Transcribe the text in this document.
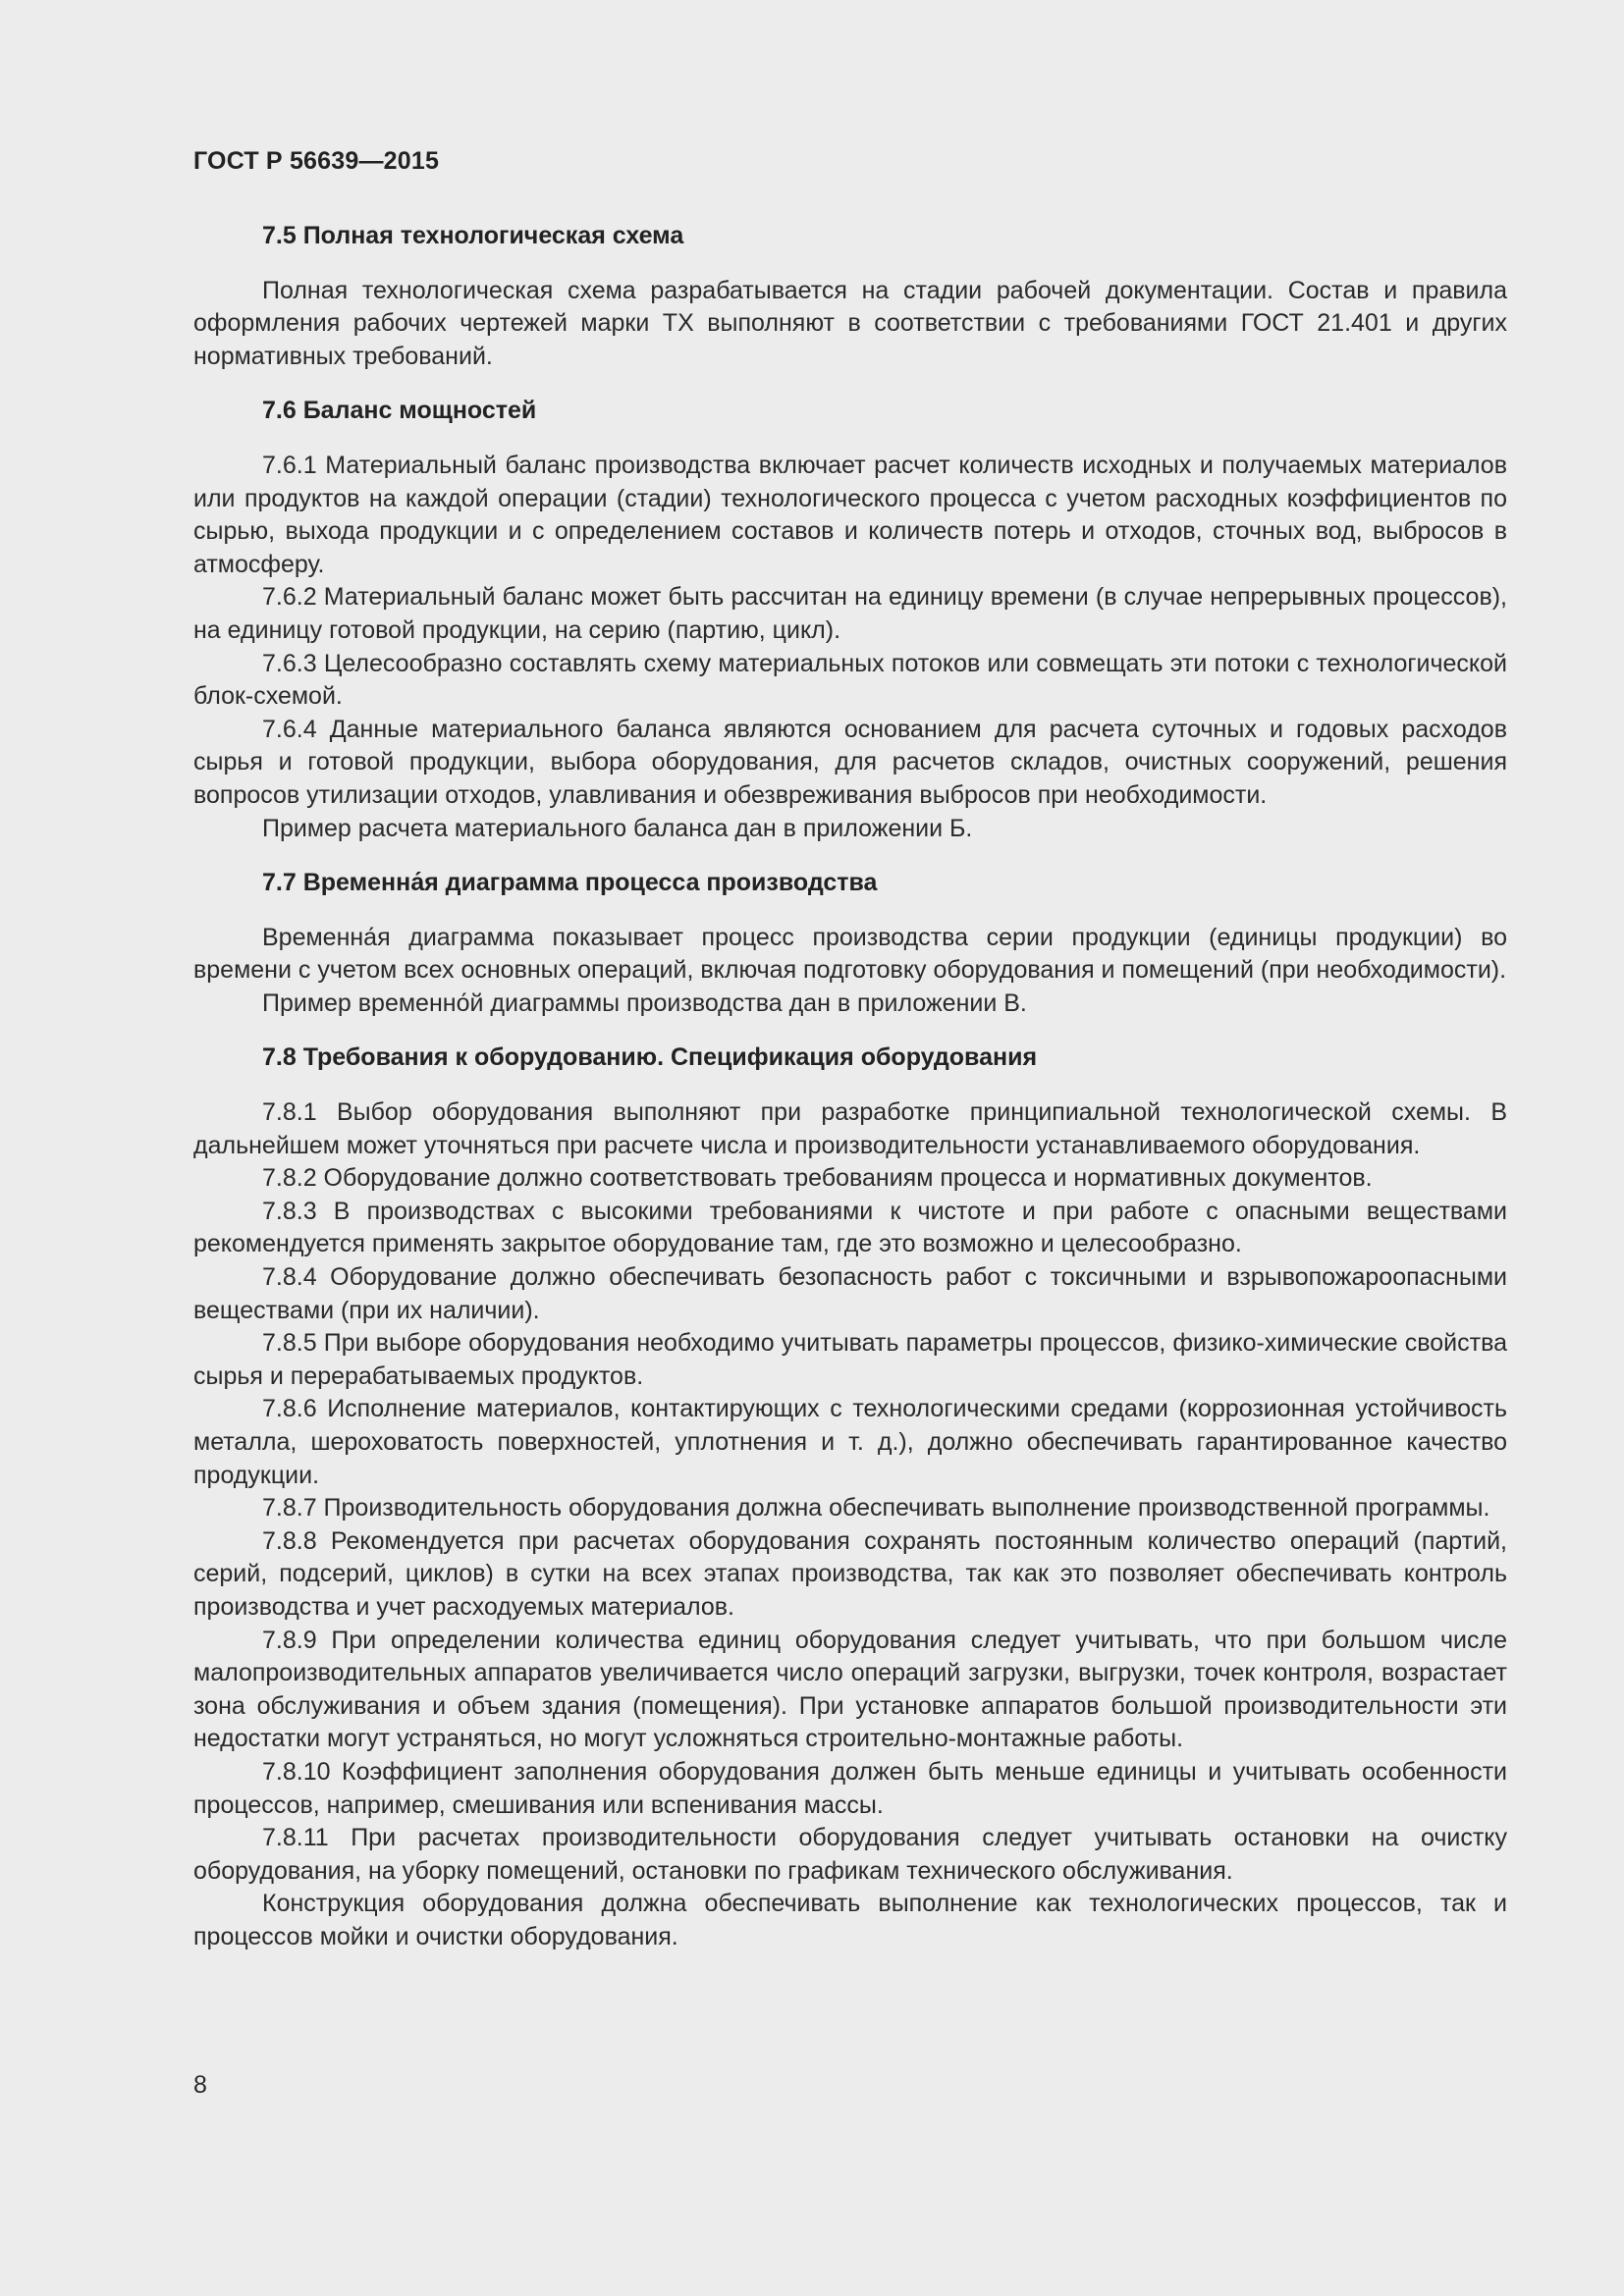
ГОСТ Р 56639—2015

7.5 Полная технологическая схема

Полная технологическая схема разрабатывается на стадии рабочей документации. Состав и правила оформления рабочих чертежей марки ТХ выполняют в соответствии с требованиями ГОСТ 21.401 и других нормативных требований.

7.6 Баланс мощностей

7.6.1 Материальный баланс производства включает расчет количеств исходных и получаемых материалов или продуктов на каждой операции (стадии) технологического процесса с учетом расходных коэффициентов по сырью, выхода продукции и с определением составов и количеств потерь и отходов, сточных вод, выбросов в атмосферу.

7.6.2 Материальный баланс может быть рассчитан на единицу времени (в случае непрерывных процессов), на единицу готовой продукции, на серию (партию, цикл).

7.6.3 Целесообразно составлять схему материальных потоков или совмещать эти потоки с технологической блок-схемой.

7.6.4 Данные материального баланса являются основанием для расчета суточных и годовых расходов сырья и готовой продукции, выбора оборудования, для расчетов складов, очистных сооружений, решения вопросов утилизации отходов, улавливания и обезвреживания выбросов при необходимости.

Пример расчета материального баланса дан в приложении Б.

7.7 Временна́я диаграмма процесса производства

Временна́я диаграмма показывает процесс производства серии продукции (единицы продукции) во времени с учетом всех основных операций, включая подготовку оборудования и помещений (при необходимости).

Пример временно́й диаграммы производства дан в приложении В.

7.8 Требования к оборудованию. Спецификация оборудования

7.8.1 Выбор оборудования выполняют при разработке принципиальной технологической схемы. В дальнейшем может уточняться при расчете числа и производительности устанавливаемого оборудования.

7.8.2 Оборудование должно соответствовать требованиям процесса и нормативных документов.

7.8.3 В производствах с высокими требованиями к чистоте и при работе с опасными веществами рекомендуется применять закрытое оборудование там, где это возможно и целесообразно.

7.8.4 Оборудование должно обеспечивать безопасность работ с токсичными и взрывопожароопасными веществами (при их наличии).

7.8.5 При выборе оборудования необходимо учитывать параметры процессов, физико-химические свойства сырья и перерабатываемых продуктов.

7.8.6 Исполнение материалов, контактирующих с технологическими средами (коррозионная устойчивость металла, шероховатость поверхностей, уплотнения и т. д.), должно обеспечивать гарантированное качество продукции.

7.8.7 Производительность оборудования должна обеспечивать выполнение производственной программы.

7.8.8 Рекомендуется при расчетах оборудования сохранять постоянным количество операций (партий, серий, подсерий, циклов) в сутки на всех этапах производства, так как это позволяет обеспечивать контроль производства и учет расходуемых материалов.

7.8.9 При определении количества единиц оборудования следует учитывать, что при большом числе малопроизводительных аппаратов увеличивается число операций загрузки, выгрузки, точек контроля, возрастает зона обслуживания и объем здания (помещения). При установке аппаратов большой производительности эти недостатки могут устраняться, но могут усложняться строительно-монтажные работы.

7.8.10 Коэффициент заполнения оборудования должен быть меньше единицы и учитывать особенности процессов, например, смешивания или вспенивания массы.

7.8.11 При расчетах производительности оборудования следует учитывать остановки на очистку оборудования, на уборку помещений, остановки по графикам технического обслуживания.

Конструкция оборудования должна обеспечивать выполнение как технологических процессов, так и процессов мойки и очистки оборудования.

8
